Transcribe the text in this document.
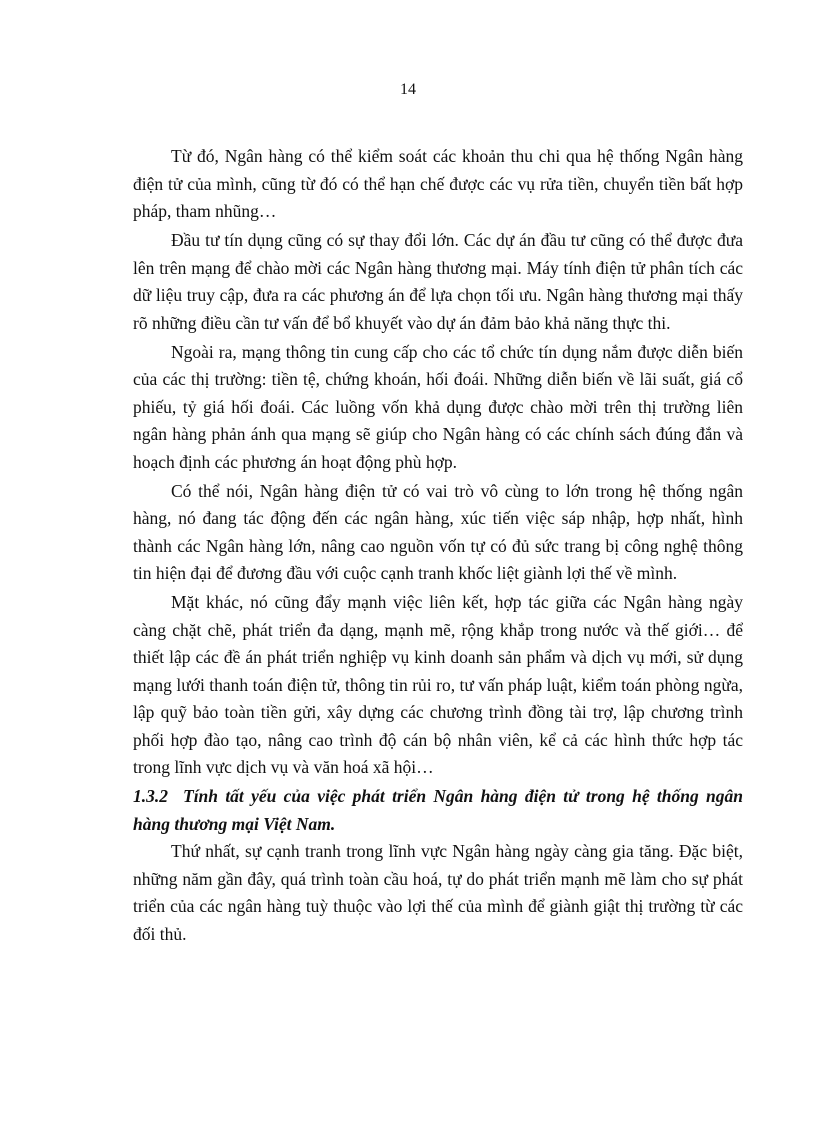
14

Từ đó, Ngân hàng có thể kiểm soát các khoản thu chi qua hệ thống Ngân hàng điện tử của mình, cũng từ đó có thể hạn chế được các vụ rửa tiền, chuyển tiền bất hợp pháp, tham nhũng…

Đầu tư tín dụng cũng có sự thay đổi lớn. Các dự án đầu tư cũng có thể được đưa lên trên mạng để chào mời các Ngân hàng thương mại. Máy tính điện tử phân tích các dữ liệu truy cập, đưa ra các phương án để lựa chọn tối ưu. Ngân hàng thương mại thấy rõ những điều cần tư vấn để bổ khuyết vào dự án đảm bảo khả năng thực thi.

Ngoài ra, mạng thông tin cung cấp cho các tổ chức tín dụng nắm được diễn biến của các thị trường: tiền tệ, chứng khoán, hối đoái. Những diễn biến về lãi suất, giá cổ phiếu, tỷ giá hối đoái. Các luồng vốn khả dụng được chào mời trên thị trường liên ngân hàng phản ánh qua mạng sẽ giúp cho Ngân hàng có các chính sách đúng đắn và hoạch định các phương án hoạt động phù hợp.

Có thể nói, Ngân hàng điện tử có vai trò vô cùng to lớn trong hệ thống ngân hàng, nó đang tác động đến các ngân hàng, xúc tiến việc sáp nhập, hợp nhất, hình thành các Ngân hàng lớn, nâng cao nguồn vốn tự có đủ sức trang bị công nghệ thông tin hiện đại để đương đầu với cuộc cạnh tranh khốc liệt giành lợi thế về mình.

Mặt khác, nó cũng đẩy mạnh việc liên kết, hợp tác giữa các Ngân hàng ngày càng chặt chẽ, phát triển đa dạng, mạnh mẽ, rộng khắp trong nước và thế giới… để thiết lập các đề án phát triển nghiệp vụ kinh doanh sản phẩm và dịch vụ mới, sử dụng mạng lưới thanh toán điện tử, thông tin rủi ro, tư vấn pháp luật, kiểm toán phòng ngừa, lập quỹ bảo toàn tiền gửi, xây dựng các chương trình đồng tài trợ, lập chương trình phối hợp đào tạo, nâng cao trình độ cán bộ nhân viên, kể cả các hình thức hợp tác trong lĩnh vực dịch vụ và văn hoá xã hội…

1.3.2 Tính tất yếu của việc phát triển Ngân hàng điện tử trong hệ thống ngân hàng thương mại Việt Nam.

Thứ nhất, sự cạnh tranh trong lĩnh vực Ngân hàng ngày càng gia tăng. Đặc biệt, những năm gần đây, quá trình toàn cầu hoá, tự do phát triển mạnh mẽ làm cho sự phát triển của các ngân hàng tuỳ thuộc vào lợi thế của mình để giành giật thị trường từ các đối thủ.
